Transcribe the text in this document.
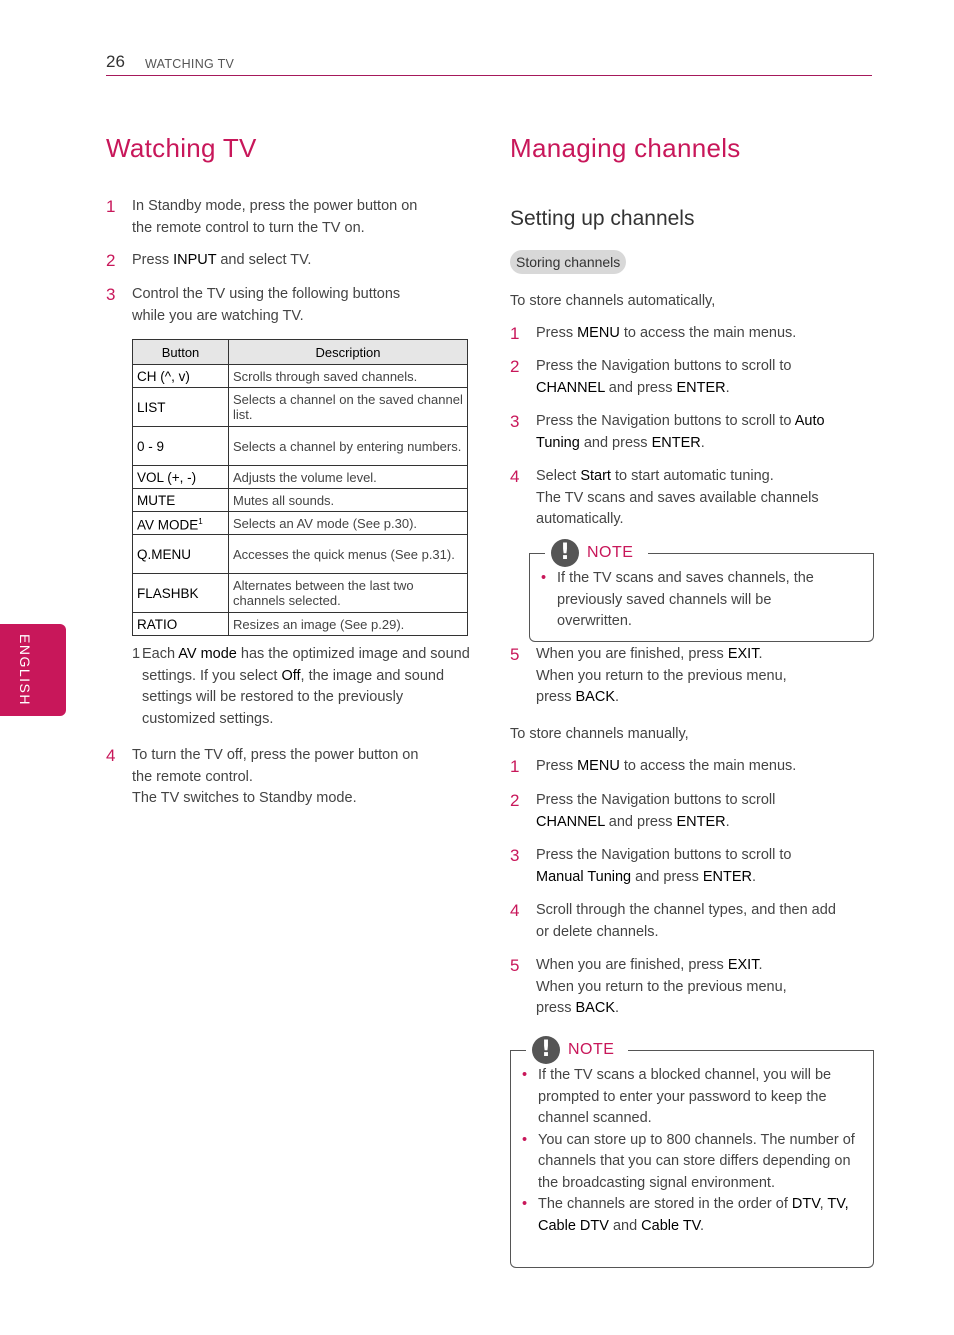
26 WATCHING TV
ENGLISH
Watching TV
1 In Standby mode, press the power button on
the remote control to turn the TV on.
2 Press INPUT and select TV.
3 Control the TV using the following buttons
while you are watching TV.
Button	Description
CH (^, v)	Scrolls through saved channels.
LIST	Selects a channel on the saved channel list.
0 - 9	Selects a channel by entering numbers.
VOL (+, -)	Adjusts the volume level.
MUTE	Mutes all sounds.
AV MODE$^1$	Selects an AV mode (See p.30).
Q.MENU	Accesses the quick menus (See p.31).
FLASHBK	Alternates between the last two channels selected.
RATIO	Resizes an image (See p.29).
1 Each AV mode has the optimized image and sound settings. If you select Off, the image and sound settings will be restored to the previously customized settings.
4 To turn the TV off, press the power button on
the remote control.
The TV switches to Standby mode.
Managing channels
Setting up channels
Storing channels
To store channels automatically,
1 Press MENU to access the main menus.
2 Press the Navigation buttons to scroll to
CHANNEL and press ENTER.
3 Press the Navigation buttons to scroll to Auto
Tuning and press ENTER.
4 Select Start to start automatic tuning.
The TV scans and saves available channels
automatically.
!	NOTE
• If the TV scans and saves channels, the previously saved channels will be overwritten.
5 When you are finished, press EXIT.
When you return to the previous menu,
press BACK.
To store channels manually,
1 Press MENU to access the main menus.
2 Press the Navigation buttons to scroll
CHANNEL and press ENTER.
3 Press the Navigation buttons to scroll to
Manual Tuning and press ENTER.
4 Scroll through the channel types, and then add
or delete channels.
5 When you are finished, press EXIT.
When you return to the previous menu,
press BACK.
!	NOTE
• If the TV scans a blocked channel, you will be prompted to enter your password to keep the channel scanned.
• You can store up to 800 channels. The number of channels that you can store differs depending on the broadcasting signal environment.
• The channels are stored in the order of DTV, TV, Cable DTV and Cable TV.
